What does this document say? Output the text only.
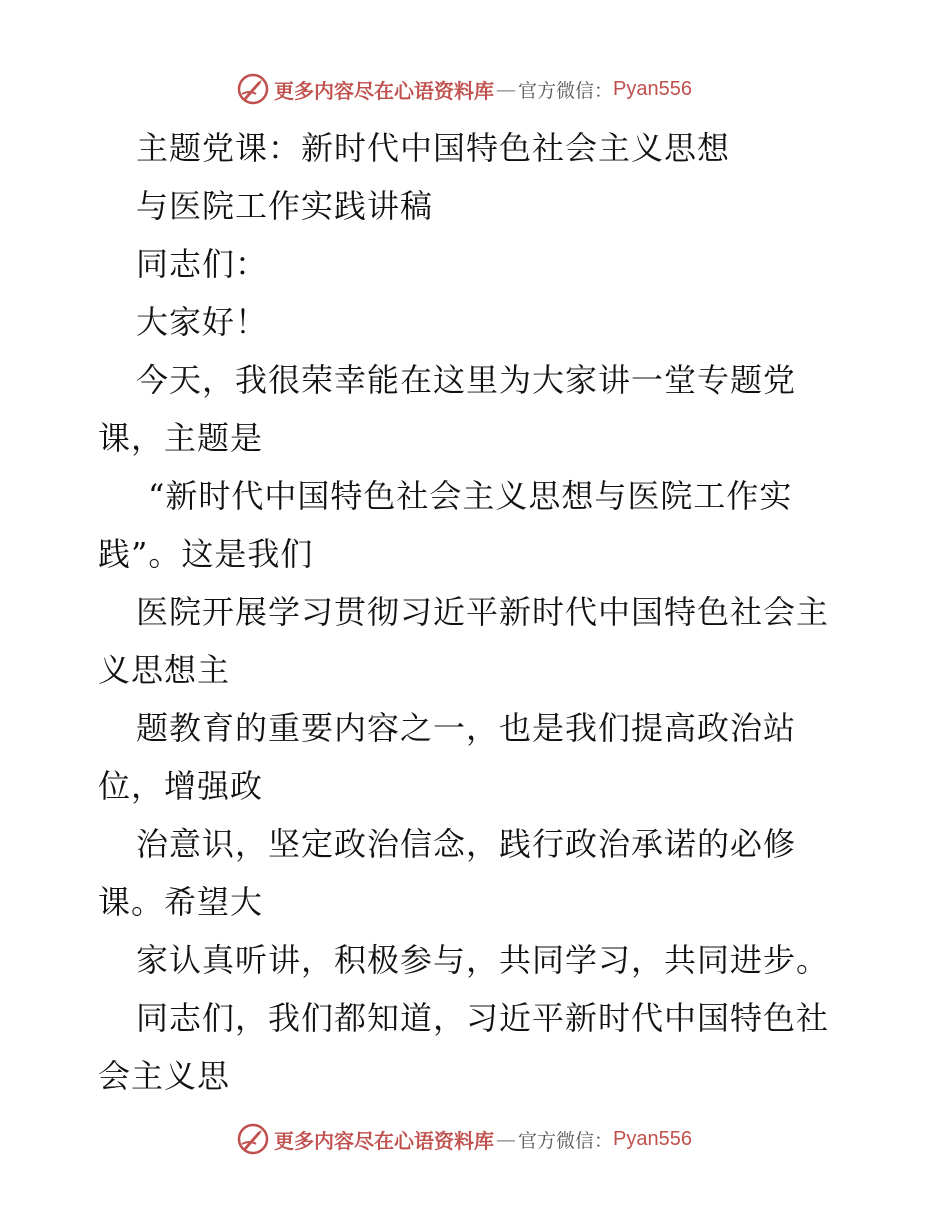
更多内容尽在心语资料库 — 官方微信： Pyan556
主题党课：新时代中国特色社会主义思想
与医院工作实践讲稿
同志们：
大家好！
今天，我很荣幸能在这里为大家讲一堂专题党
课，主题是
“新时代中国特色社会主义思想与医院工作实
践”。这是我们
医院开展学习贯彻习近平新时代中国特色社会主
义思想主
题教育的重要内容之一，也是我们提高政治站
位，增强政
治意识，坚定政治信念，践行政治承诺的必修
课。希望大
家认真听讲，积极参与，共同学习，共同进步。
同志们，我们都知道，习近平新时代中国特色社
会主义思
更多内容尽在心语资料库 — 官方微信： Pyan556
